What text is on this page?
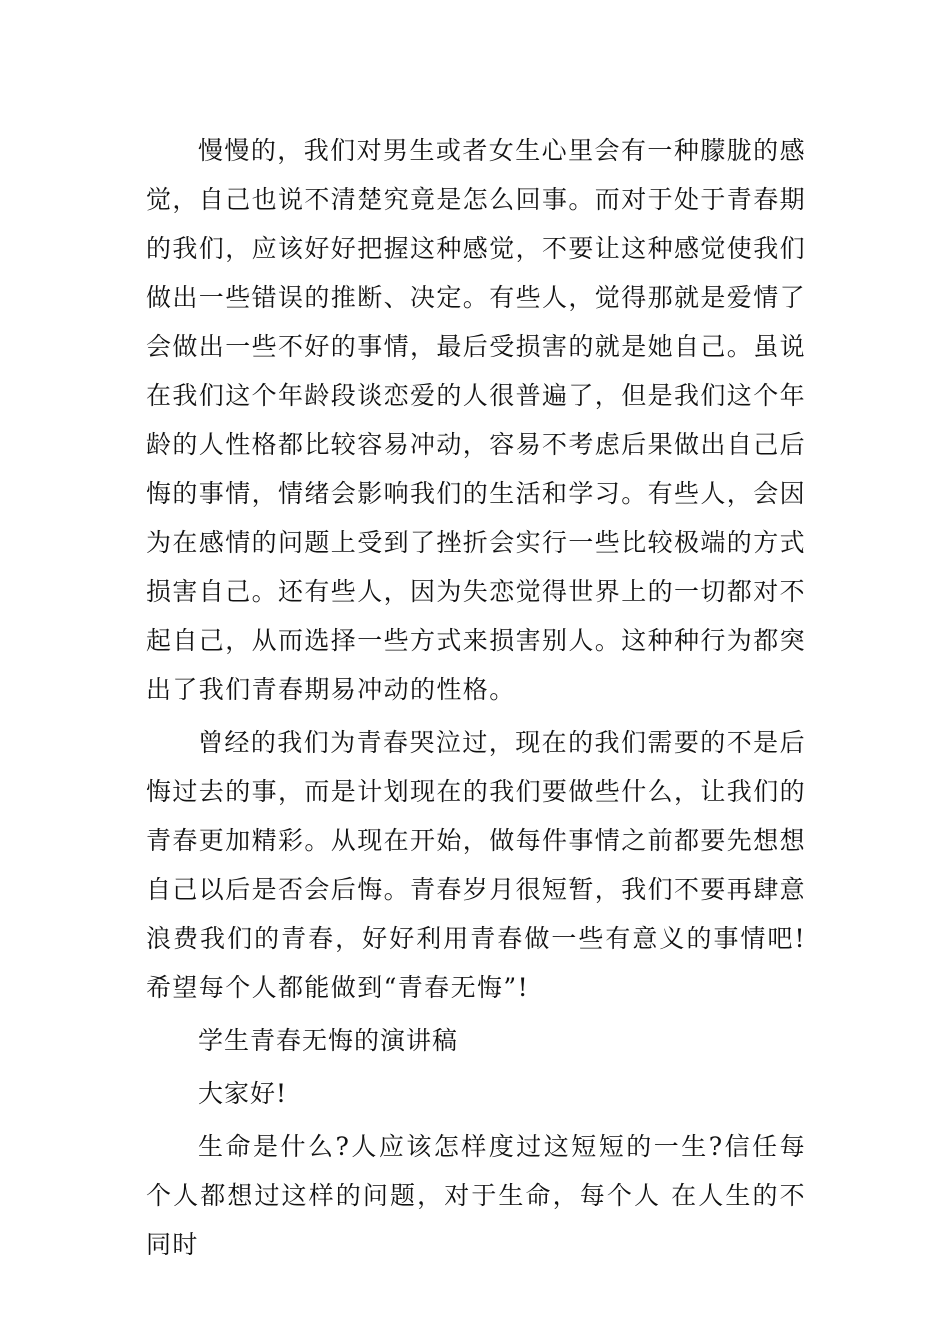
慢慢的，我们对男生或者女生心里会有一种朦胧的感觉，自己也说不清楚究竟是怎么回事。而对于处于青春期的我们，应该好好把握这种感觉，不要让这种感觉使我们做出一些错误的推断、决定。有些人，觉得那就是爱情了会做出一些不好的事情，最后受损害的就是她自己。虽说在我们这个年龄段谈恋爱的人很普遍了，但是我们这个年龄的人性格都比较容易冲动，容易不考虑后果做出自己后悔的事情，情绪会影响我们的生活和学习。有些人，会因为在感情的问题上受到了挫折会实行一些比较极端的方式损害自己。还有些人，因为失恋觉得世界上的一切都对不起自己，从而选择一些方式来损害别人。这种种行为都突出了我们青春期易冲动的性格。

曾经的我们为青春哭泣过，现在的我们需要的不是后悔过去的事，而是计划现在的我们要做些什么，让我们的青春更加精彩。从现在开始，做每件事情之前都要先想想自己以后是否会后悔。青春岁月很短暂，我们不要再肆意浪费我们的青春，好好利用青春做一些有意义的事情吧!希望每个人都能做到“青春无悔”!

学生青春无悔的演讲稿

大家好!

生命是什么?人应该怎样度过这短短的一生?信任每个人都想过这样的问题，对于生命，每个人 在人生的不同时
